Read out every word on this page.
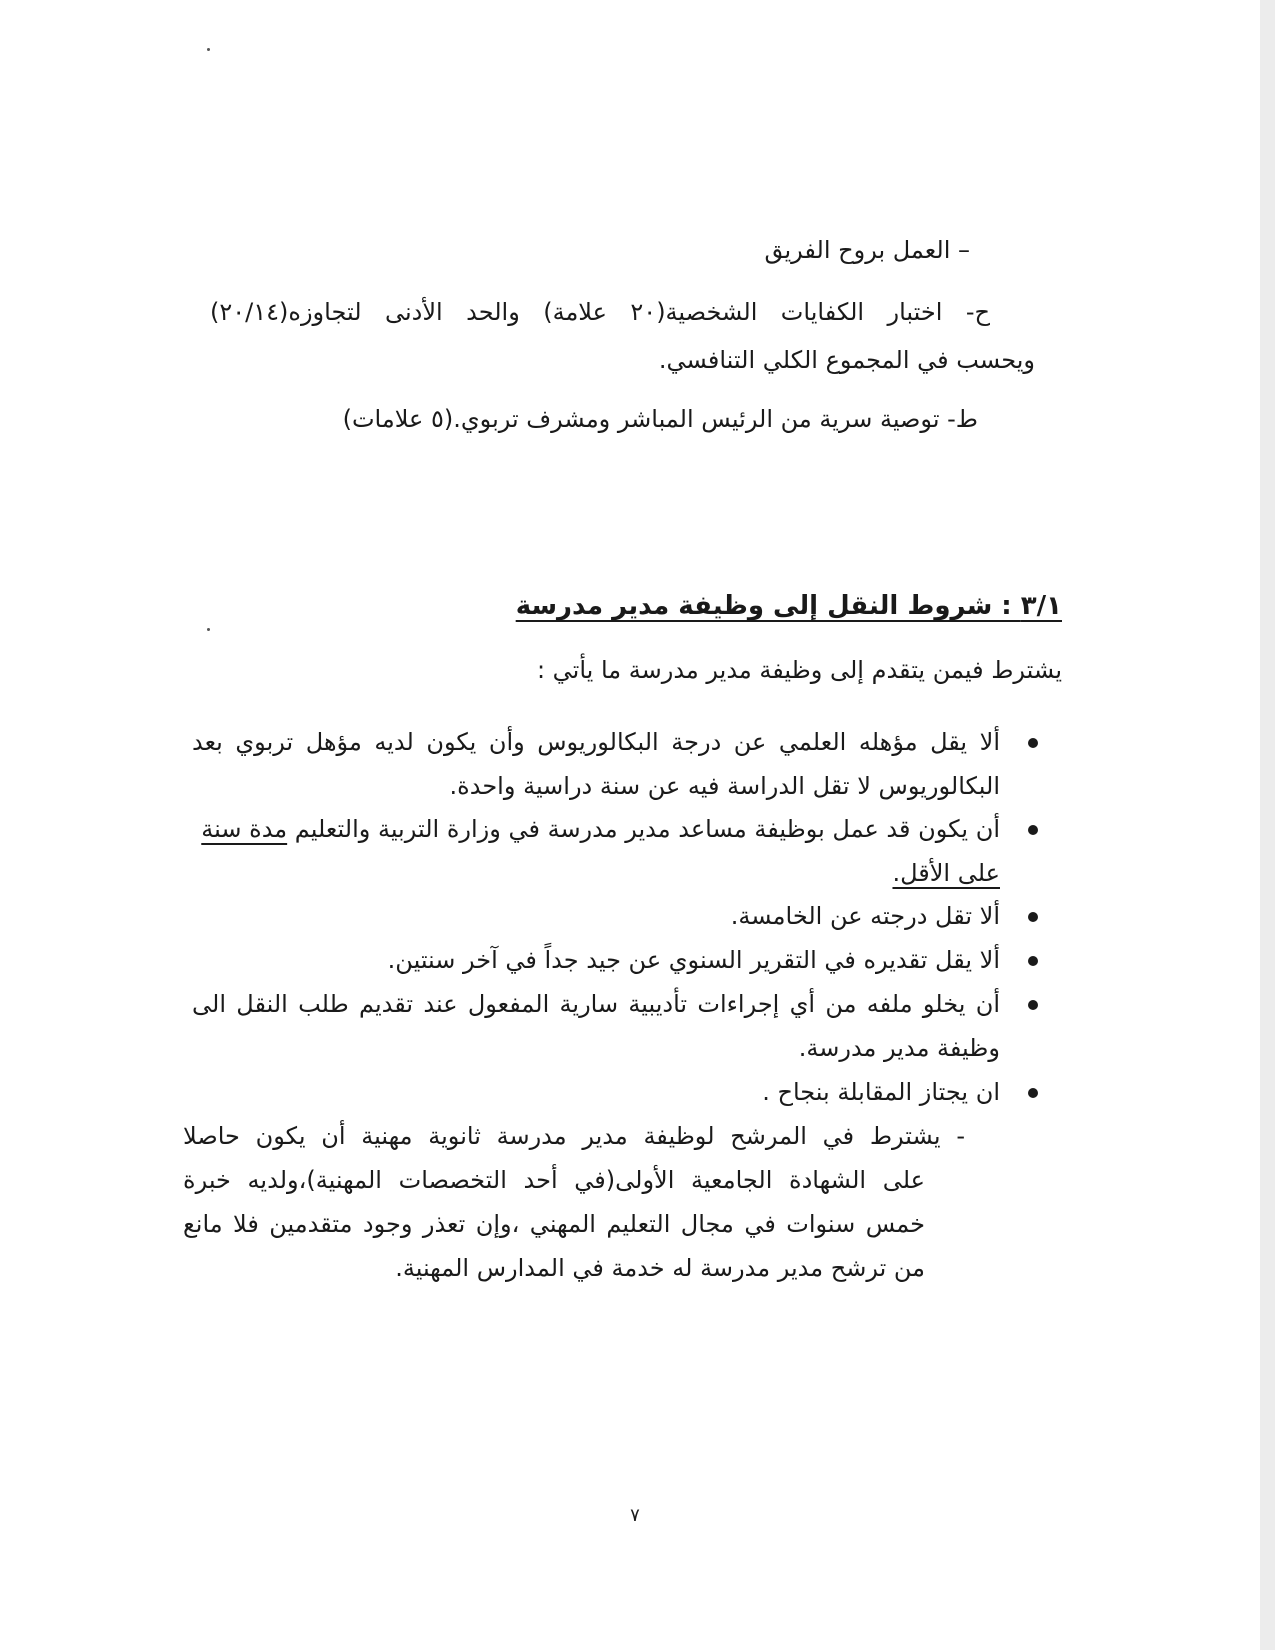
– العمل بروح الفريق
ح- اختبار الكفايات الشخصية(٢٠ علامة) والحد الأدنى لتجاوزه(٢٠/١٤)
ويحسب في المجموع الكلي التنافسي.
ط- توصية سرية من الرئيس المباشر ومشرف تربوي.(٥ علامات)
٣/١ : شروط النقل إلى وظيفة مدير مدرسة
يشترط فيمن يتقدم إلى وظيفة مدير مدرسة ما يأتي :
ألا يقل مؤهله العلمي عن درجة البكالوريوس وأن يكون لديه مؤهل تربوي بعد
البكالوريوس لا تقل الدراسة فيه عن سنة دراسية واحدة.
أن يكون قد عمل بوظيفة مساعد مدير مدرسة في وزارة التربية والتعليم مدة سنة
على الأقل.
ألا تقل درجته عن الخامسة.
ألا يقل تقديره في التقرير السنوي عن جيد جداً في آخر سنتين.
أن يخلو ملفه من أي إجراءات تأديبية سارية المفعول عند تقديم طلب النقل الى
وظيفة مدير مدرسة.
ان يجتاز المقابلة بنجاح .
- يشترط في المرشح لوظيفة مدير مدرسة ثانوية مهنية أن يكون حاصلا
على الشهادة الجامعية الأولى(في أحد التخصصات المهنية)،ولديه خبرة
خمس سنوات في مجال التعليم المهني ،وإن تعذر وجود متقدمين فلا مانع
من ترشح مدير مدرسة له خدمة في المدارس المهنية.
٧
